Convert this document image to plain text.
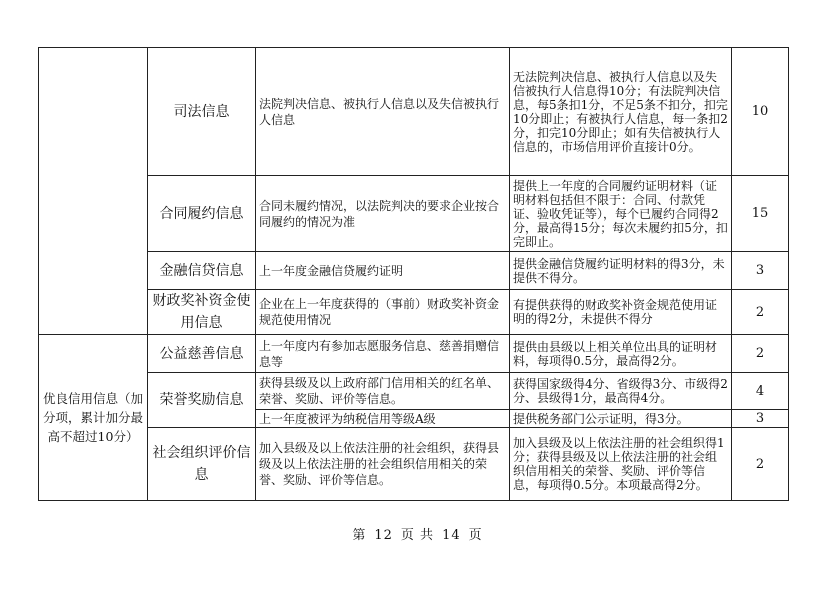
	司法信息	法院判决信息、被执行人信息以及失信被执行人信息	无法院判决信息、被执行人信息以及失信被执行人信息得10分；有法院判决信息，每5条扣1分，不足5条不扣分，扣完10分即止；有被执行人信息，每一条扣2分，扣完10分即止；如有失信被执行人信息的，市场信用评价直接计0分。	10
	合同履约信息	合同未履约情况，以法院判决的要求企业按合同履约的情况为准	提供上一年度的合同履约证明材料（证明材料包括但不限于：合同、付款凭证、验收凭证等），每个已履约合同得2分，最高得15分；每次未履约扣5分，扣完即止。	15
	金融信贷信息	上一年度金融信贷履约证明	提供金融信贷履约证明材料的得3分，未提供不得分。	3
	财政奖补资金使用信息	企业在上一年度获得的（事前）财政奖补资金规范使用情况	有提供获得的财政奖补资金规范使用证明的得2分，未提供不得分	2
优良信用信息（加分项，累计加分最高不超过10分）	公益慈善信息	上一年度内有参加志愿服务信息、慈善捐赠信息等	提供由县级以上相关单位出具的证明材料，每项得0.5分，最高得2分。	2
	荣誉奖励信息	获得县级及以上政府部门信用相关的红名单、荣誉、奖励、评价等信息。	获得国家级得4分、省级得3分、市级得2分、县级得1分，最高得4分。	4
		上一年度被评为纳税信用等级A级	提供税务部门公示证明，得3分。	3
	社会组织评价信息	加入县级及以上依法注册的社会组织，获得县级及以上依法注册的社会组织信用相关的荣誉、奖励、评价等信息。	加入县级及以上依法注册的社会组织得1分；获得县级及以上依法注册的社会组织信用相关的荣誉、奖励、评价等信息，每项得0.5分。本项最高得2分。	2
第 12 页 共 14 页
